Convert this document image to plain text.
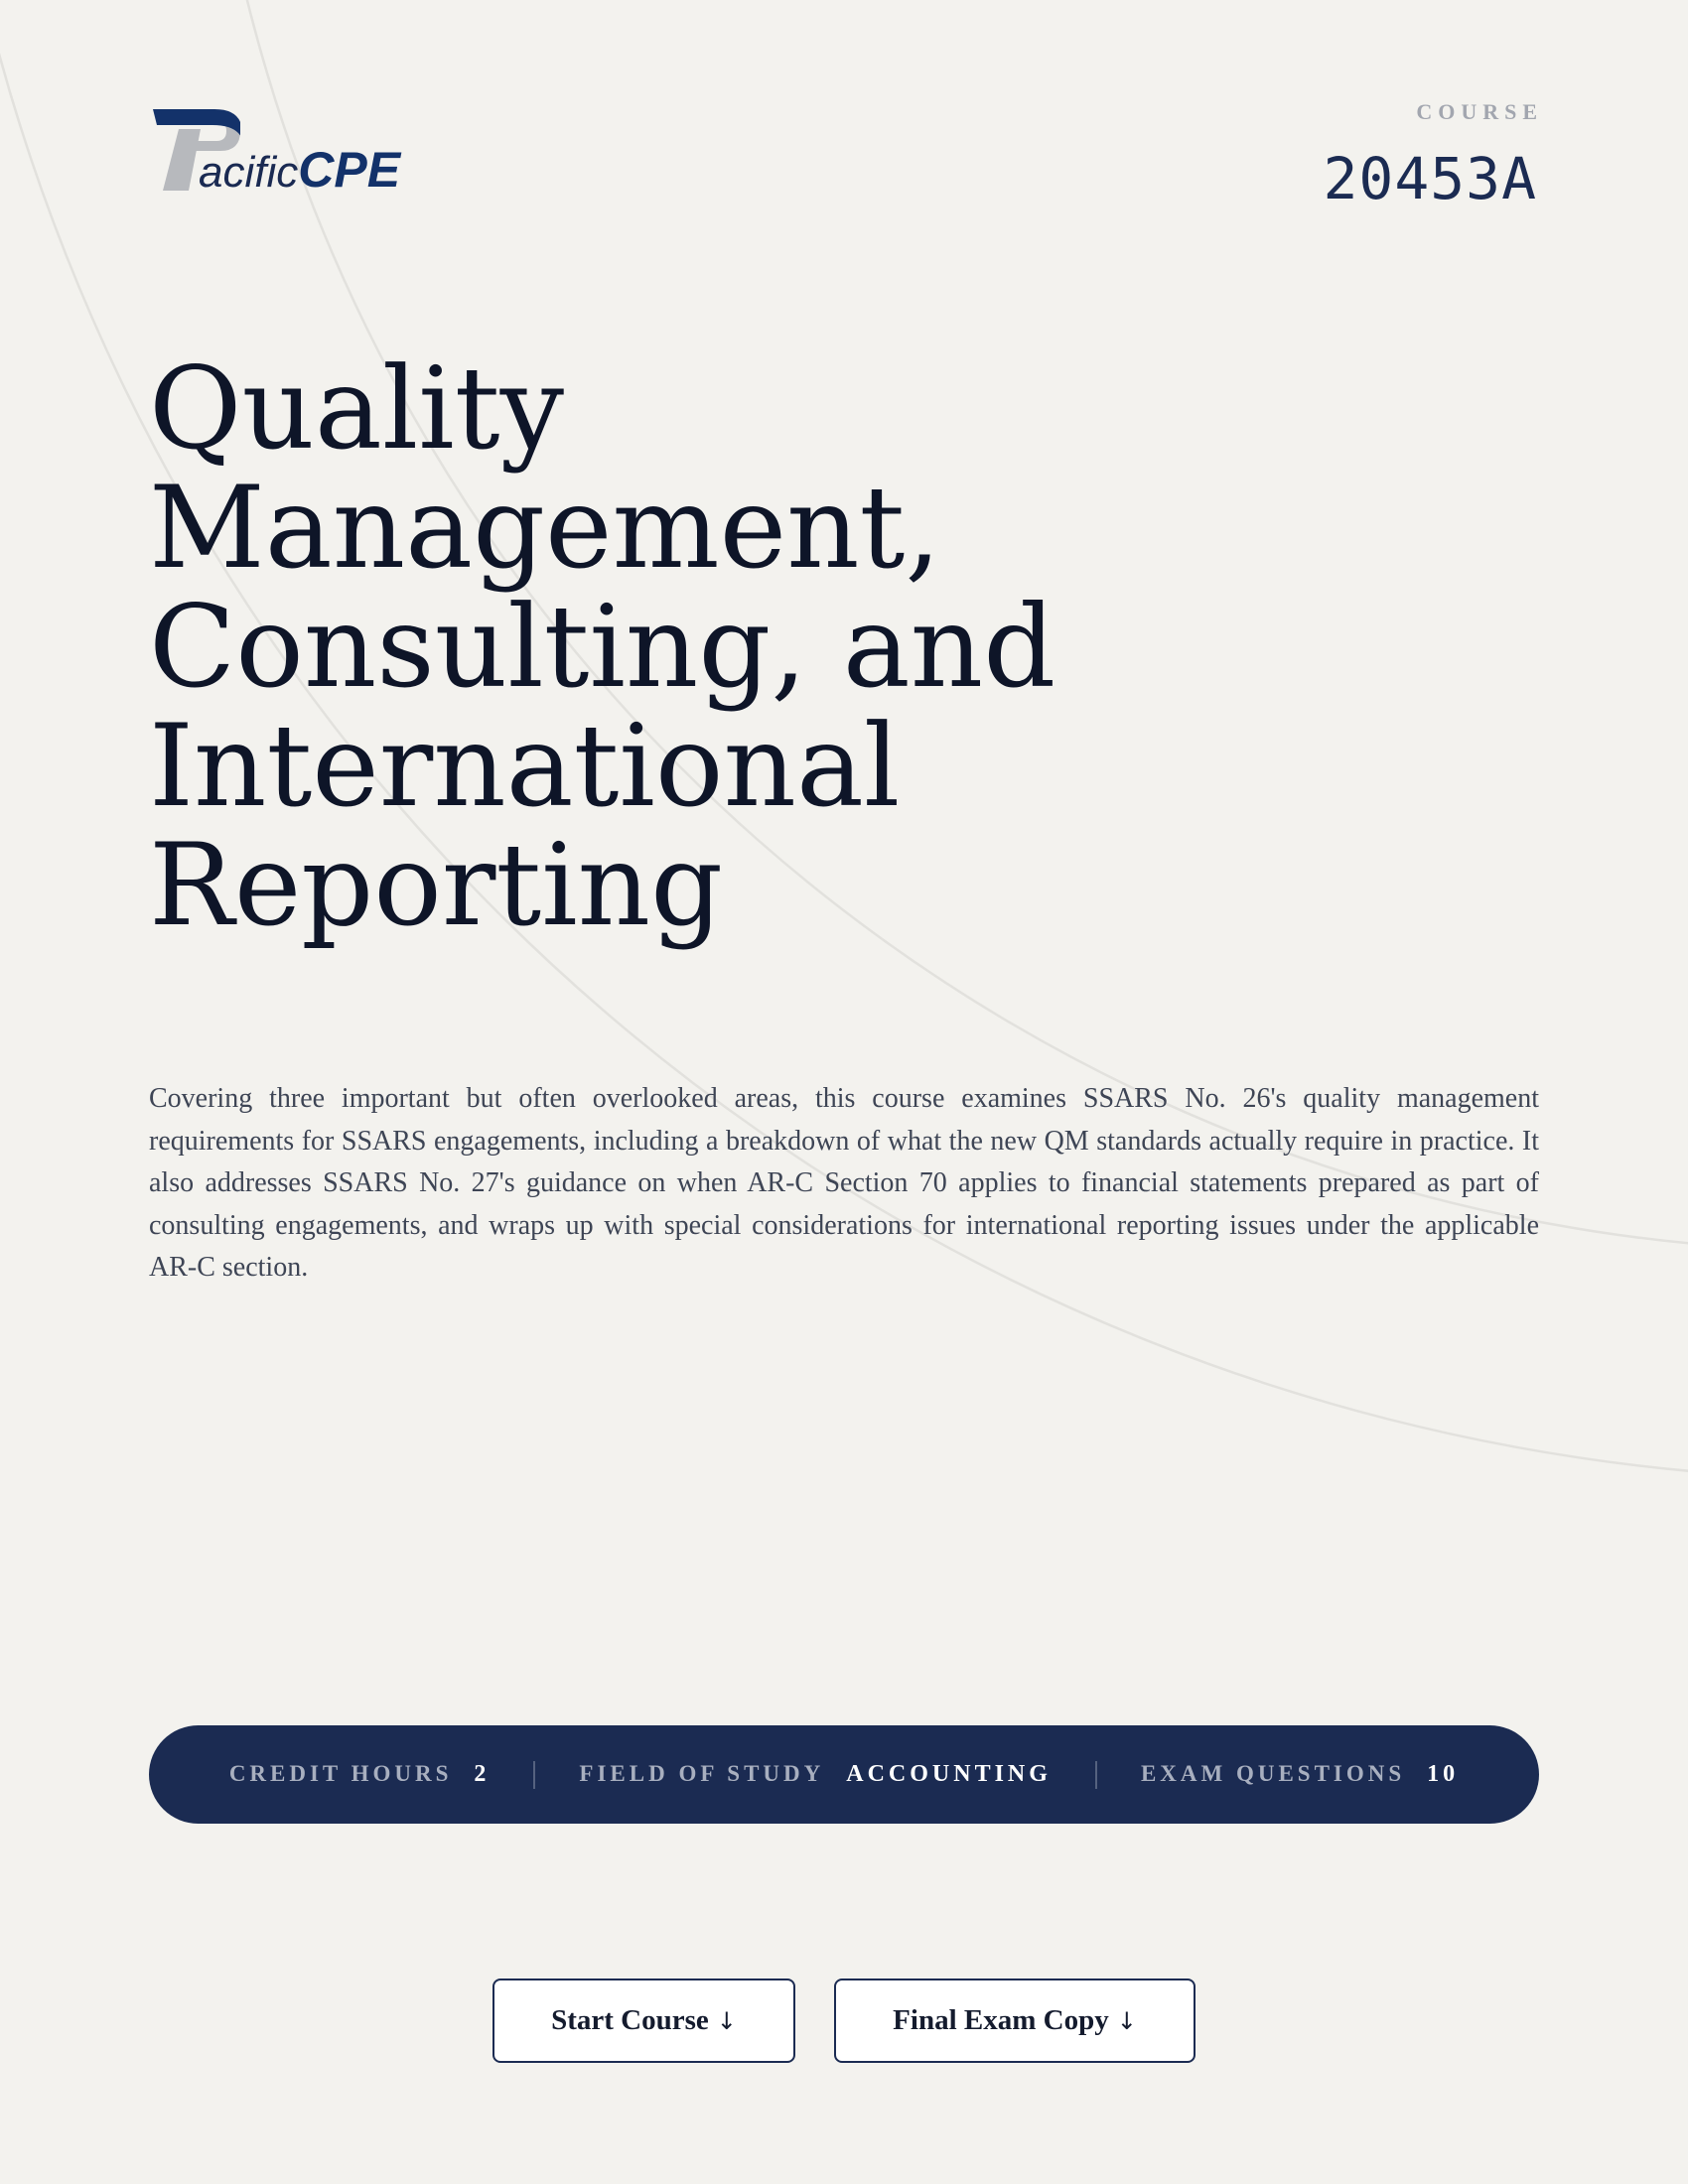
acificCPE
COURSE
20453A
Quality
Management,
Consulting, and
International
Reporting

Covering three important but often overlooked areas, this course examines SSARS No. 26's quality management requirements for SSARS engagements, including a breakdown of what the new QM standards actually require in practice. It also addresses SSARS No. 27's guidance on when AR-C Section 70 applies to financial statements prepared as part of consulting engagements, and wraps up with special considerations for international reporting issues under the applicable AR-C section.

CREDIT HOURS 2	FIELD OF STUDY ACCOUNTING	EXAM QUESTIONS 10
Start Course ↓	Final Exam Copy ↓
